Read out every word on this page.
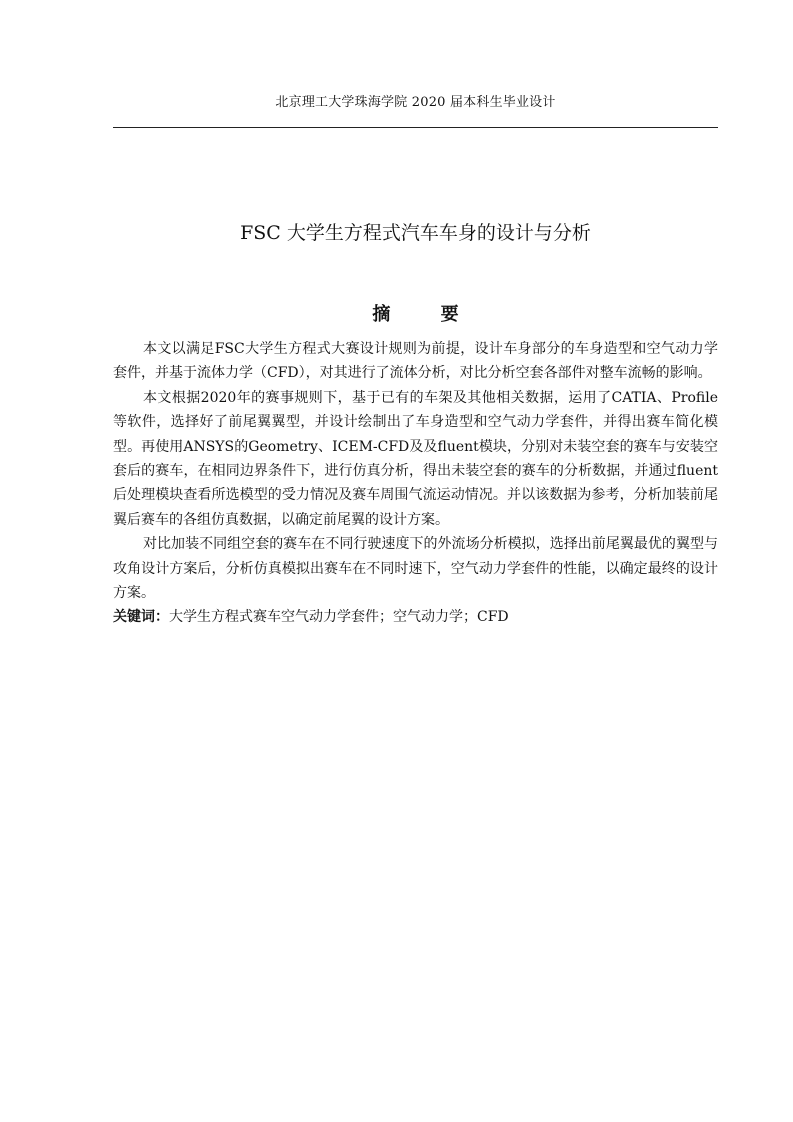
北京理工大学珠海学院 2020 届本科生毕业设计
FSC 大学生方程式汽车车身的设计与分析
摘 要

本文以满足FSC大学生方程式大赛设计规则为前提，设计车身部分的车身造型和空气动力学套件，并基于流体力学（CFD），对其进行了流体分析，对比分析空套各部件对整车流畅的影响。

本文根据2020年的赛事规则下，基于已有的车架及其他相关数据，运用了CATIA、Profile等软件，选择好了前尾翼翼型，并设计绘制出了车身造型和空气动力学套件，并得出赛车简化模型。再使用ANSYS的Geometry、ICEM-CFD及及fluent模块，分别对未装空套的赛车与安装空套后的赛车，在相同边界条件下，进行仿真分析，得出未装空套的赛车的分析数据，并通过fluent后处理模块查看所选模型的受力情况及赛车周围气流运动情况。并以该数据为参考，分析加装前尾翼后赛车的各组仿真数据，以确定前尾翼的设计方案。

对比加装不同组空套的赛车在不同行驶速度下的外流场分析模拟，选择出前尾翼最优的翼型与攻角设计方案后，分析仿真模拟出赛车在不同时速下，空气动力学套件的性能，以确定最终的设计方案。

关键词：大学生方程式赛车空气动力学套件；空气动力学；CFD
